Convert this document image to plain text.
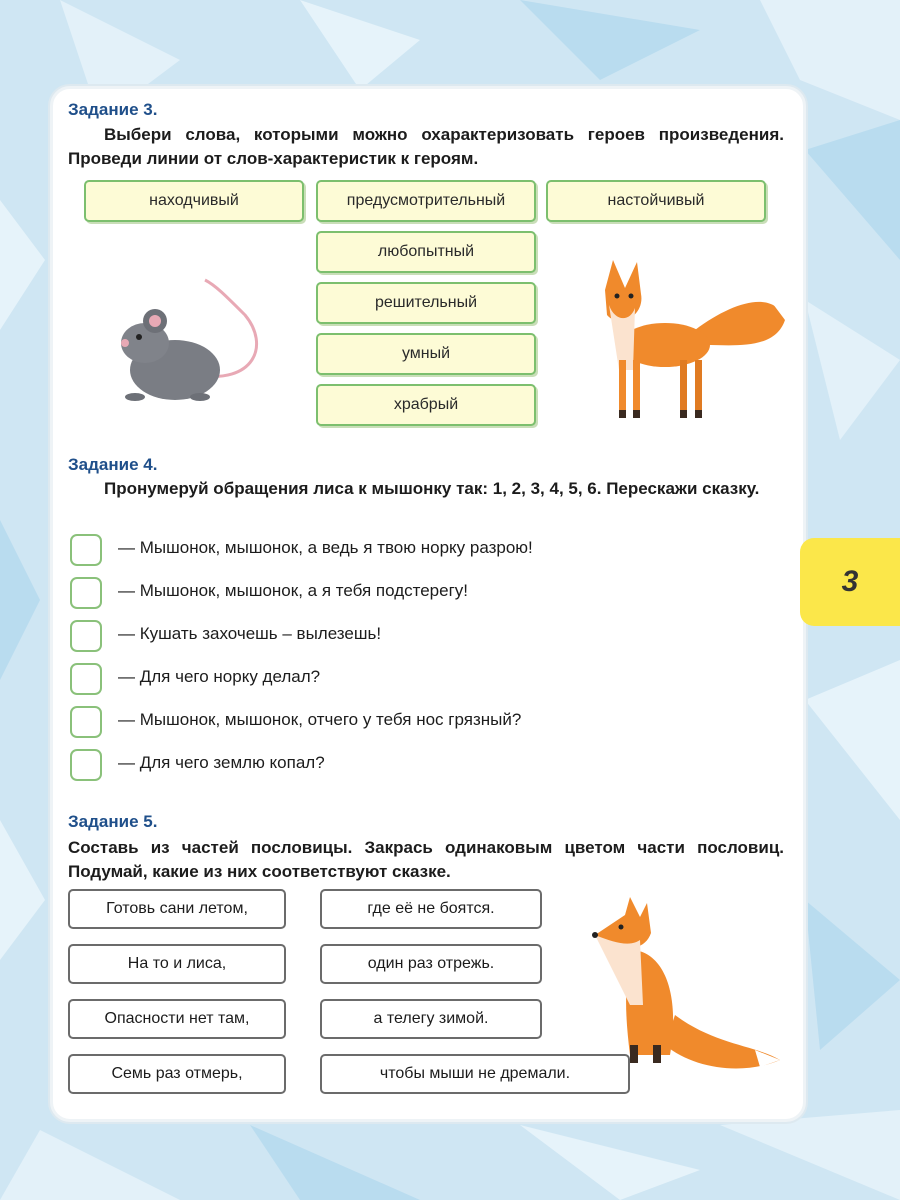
3
Задание 3.
Выбери слова, которыми можно охарактеризовать героев произведения. Проведи линии от слов-характеристик к героям.
находчивый	предусмотрительный	настойчивый
любопытный
решительный
умный
храбрый
Задание 4.
Пронумеруй обращения лиса к мышонку так: 1, 2, 3, 4, 5, 6. Перескажи сказку.
— Мышонок, мышонок, а ведь я твою норку разрою!
— Мышонок, мышонок, а я тебя подстерегу!
— Кушать захочешь – вылезешь!
— Для чего норку делал?
— Мышонок, мышонок, отчего у тебя нос грязный?
— Для чего землю копал?
Задание 5.
Составь из частей пословицы. Закрась одинаковым цветом части пословиц. Подумай, какие из них соответствуют сказке.
Готовь сани летом,
На то и лиса,
Опасности нет там,
Семь раз отмерь,
где её не боятся.
один раз отрежь.
а телегу зимой.
чтобы мыши не дремали.
